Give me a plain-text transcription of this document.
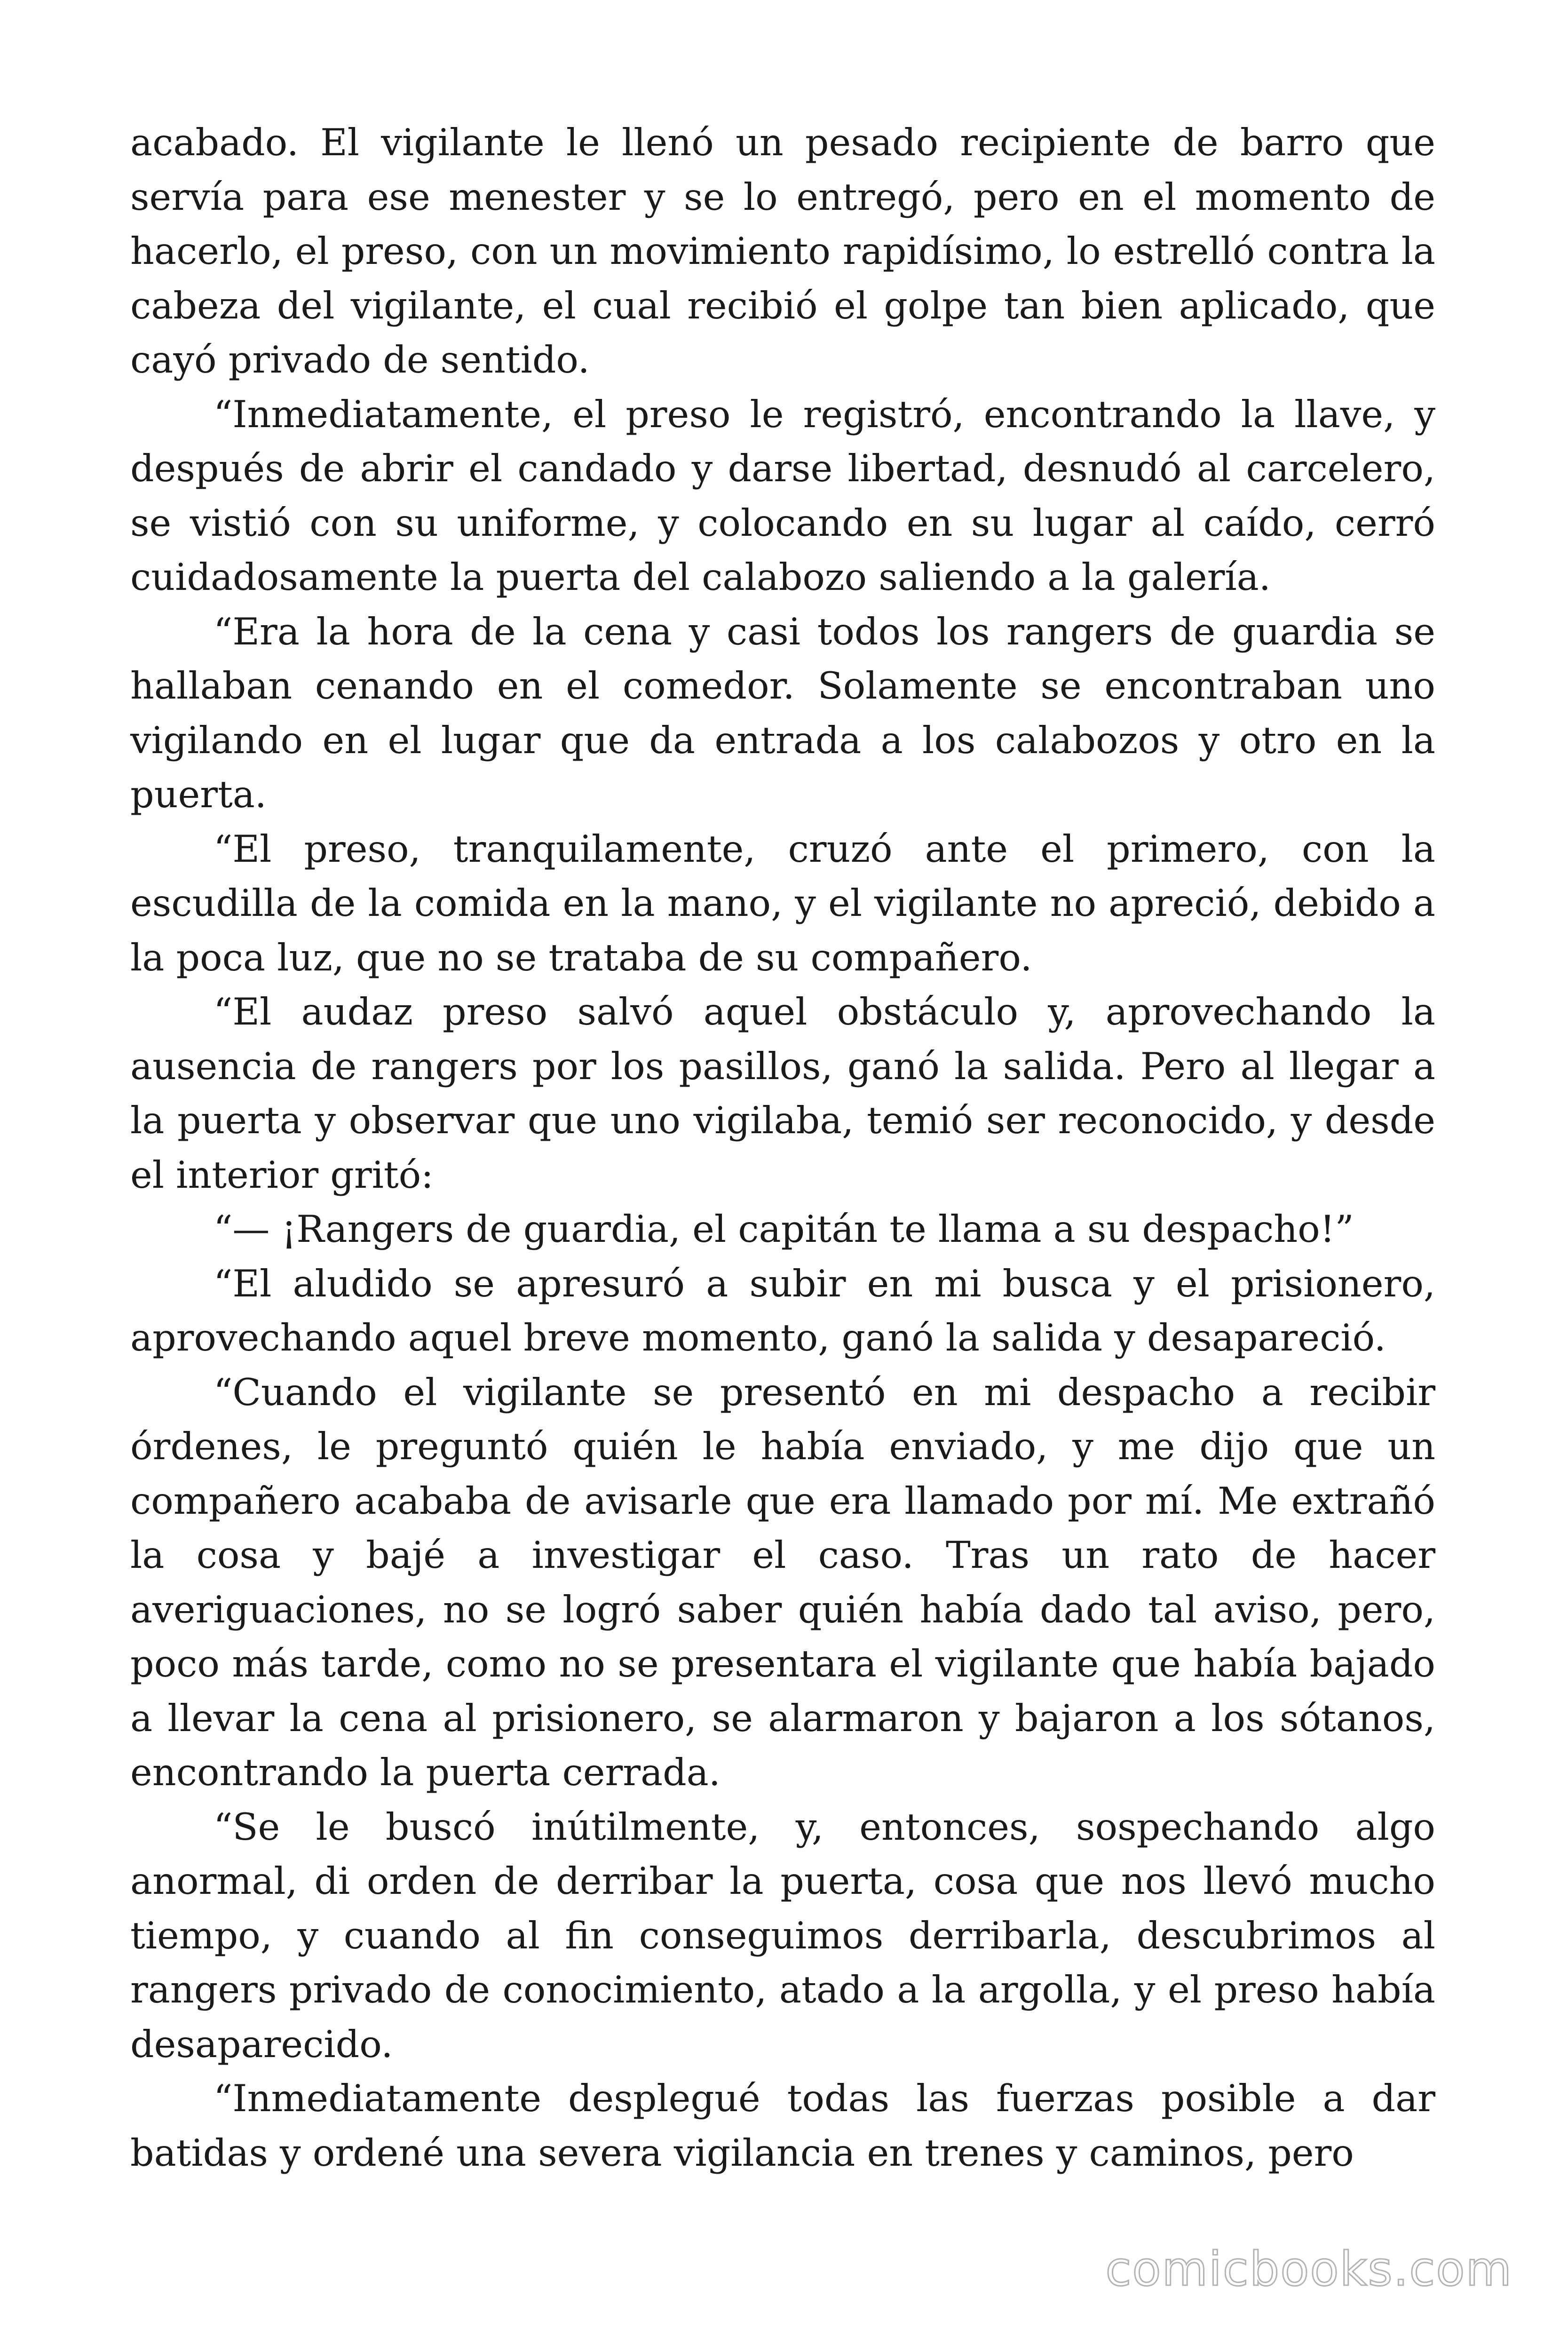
acabado. El vigilante le llenó un pesado recipiente de barro que servía para ese menester y se lo entregó, pero en el momento de hacerlo, el preso, con un movimiento rapidísimo, lo estrelló contra la cabeza del vigilante, el cual recibió el golpe tan bien aplicado, que cayó privado de sentido.

“Inmediatamente, el preso le registró, encontrando la llave, y después de abrir el candado y darse libertad, desnudó al carcelero, se vistió con su uniforme, y colocando en su lugar al caído, cerró cuidadosamente la puerta del calabozo saliendo a la galería.

“Era la hora de la cena y casi todos los rangers de guardia se hallaban cenando en el comedor. Solamente se encontraban uno vigilando en el lugar que da entrada a los calabozos y otro en la puerta.

“El preso, tranquilamente, cruzó ante el primero, con la escudilla de la comida en la mano, y el vigilante no apreció, debido a la poca luz, que no se trataba de su compañero.

“El audaz preso salvó aquel obstáculo y, aprovechando la ausencia de rangers por los pasillos, ganó la salida. Pero al llegar a la puerta y observar que uno vigilaba, temió ser reconocido, y desde el interior gritó:

“— ¡Rangers de guardia, el capitán te llama a su despacho!”

“El aludido se apresuró a subir en mi busca y el prisionero, aprovechando aquel breve momento, ganó la salida y desapareció.

“Cuando el vigilante se presentó en mi despacho a recibir órdenes, le preguntó quién le había enviado, y me dijo que un compañero acababa de avisarle que era llamado por mí. Me extrañó la cosa y bajé a investigar el caso. Tras un rato de hacer averiguaciones, no se logró saber quién había dado tal aviso, pero, poco más tarde, como no se presentara el vigilante que había bajado a llevar la cena al prisionero, se alarmaron y bajaron a los sótanos, encontrando la puerta cerrada.

“Se le buscó inútilmente, y, entonces, sospechando algo anormal, di orden de derribar la puerta, cosa que nos llevó mucho tiempo, y cuando al fin conseguimos derribarla, descubrimos al rangers privado de conocimiento, atado a la argolla, y el preso había desaparecido.

“Inmediatamente desplegué todas las fuerzas posible a dar batidas y ordené una severa vigilancia en trenes y caminos, pero

comicbooks.com
